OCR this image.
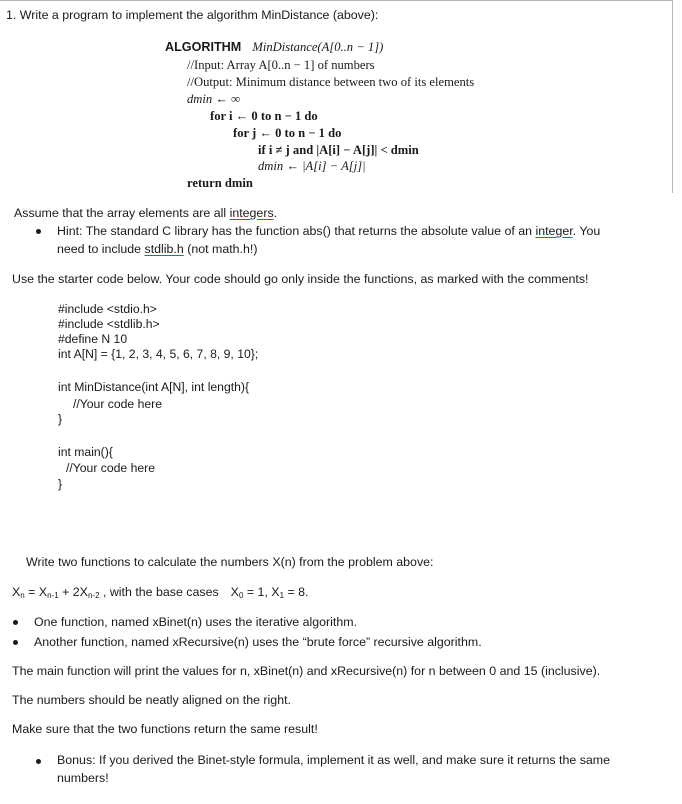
1. Write a program to implement the algorithm MinDistance (above):
ALGORITHM MinDistance(A[0..n − 1])
//Input: Array A[0..n − 1] of numbers
//Output: Minimum distance between two of its elements
dmin ← ∞
for i ← 0 to n − 1 do
for j ← 0 to n − 1 do
if i ≠ j and |A[i] − A[j]| < dmin
dmin ← |A[i] − A[j]|
return dmin
Assume that the array elements are all integers.
Hint: The standard C library has the function abs() that returns the absolute value of an integer. You
need to include stdlib.h (not math.h!)
Use the starter code below. Your code should go only inside the functions, as marked with the comments!
#include <stdio.h>
#include <stdlib.h>
#define N 10
int A[N] = {1, 2, 3, 4, 5, 6, 7, 8, 9, 10};
int MinDistance(int A[N], int length){
//Your code here
}
int main(){
//Your code here
}
Write two functions to calculate the numbers X(n) from the problem above:
$X_n = X_{n-1} + 2X_{n-2}$ , with the base cases $X_0 = 1$, $X_1 = 8$.
One function, named xBinet(n) uses the iterative algorithm.
Another function, named xRecursive(n) uses the “brute force” recursive algorithm.
The main function will print the values for n, xBinet(n) and xRecursive(n) for n between 0 and 15 (inclusive).
The numbers should be neatly aligned on the right.
Make sure that the two functions return the same result!
Bonus: If you derived the Binet-style formula, implement it as well, and make sure it returns the same
numbers!
